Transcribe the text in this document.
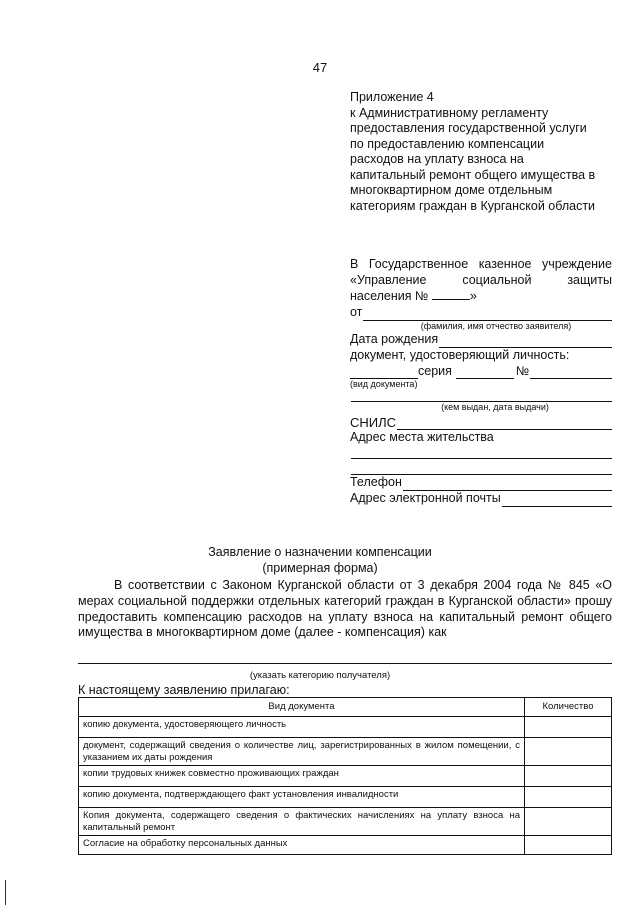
47
Приложение 4
к Административному регламенту
предоставления государственной услуги
по предоставлению компенсации
расходов на уплату взноса на
капитальный ремонт общего имущества в
многоквартирном доме отдельным
категориям граждан в Курганской области
В Государственное казенное учреждение
«Управление	социальной	защиты
населения №	»
от
(фамилия, имя отчество заявителя)
Дата рождения
документ, удостоверяющий личность:
серия	№
(вид документа)
(кем выдан, дата выдачи)
СНИЛС
Адрес места жительства
Телефон
Адрес электронной почты
Заявление о назначении компенсации
(примерная форма)
В соответствии с Законом Курганской области от 3 декабря 2004 года № 845 «О мерах социальной поддержки отдельных категорий граждан в Курганской области» прошу предоставить компенсацию расходов на уплату взноса на капитальный ремонт общего имущества в многоквартирном доме (далее - компенсация) как
(указать категорию получателя)
К настоящему заявлению прилагаю:
Вид документа	Количество
копию документа, удостоверяющего личность	
документ, содержащий сведения о количестве лиц, зарегистрированных в жилом помещении, с указанием их даты рождения	
копии трудовых книжек совместно проживающих граждан	
копию документа, подтверждающего факт установления инвалидности	
Копия документа, содержащего сведения о фактических начислениях на уплату взноса на капитальный ремонт	
Согласие на обработку персональных данных	
